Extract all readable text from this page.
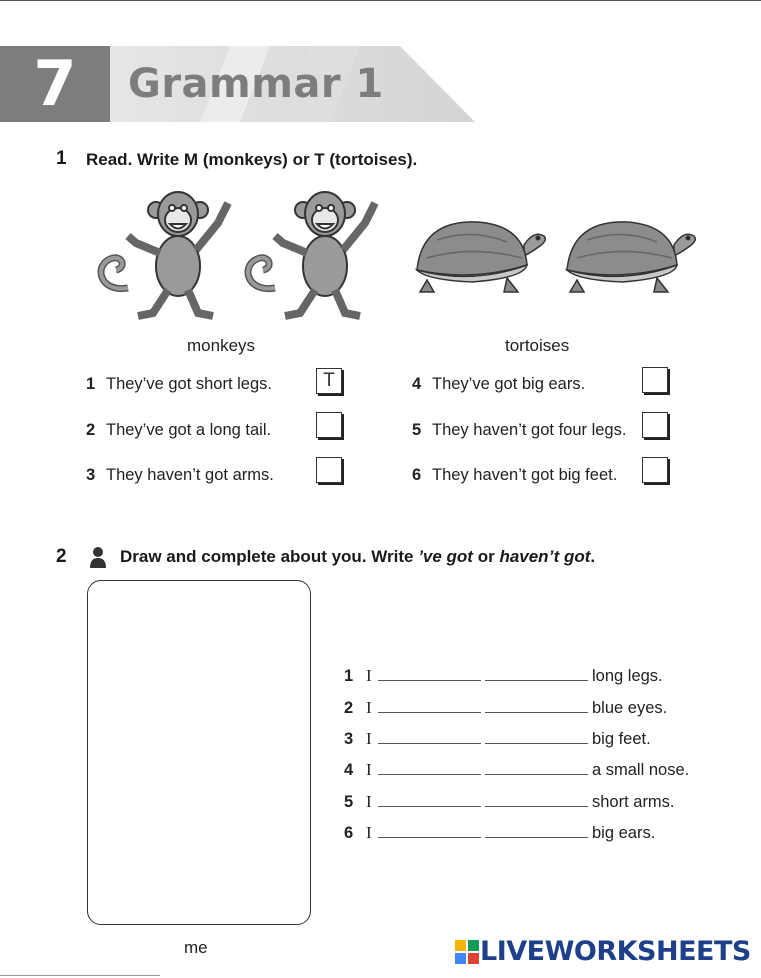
7	Grammar 1
1 Read. Write M (monkeys) or T (tortoises).
monkeys	tortoises
1 They’ve got short legs.	T
2 They’ve got a long tail.
3 They haven’t got arms.
4 They’ve got big ears.
5 They haven’t got four legs.
6 They haven’t got big feet.
2	Draw and complete about you. Write ’ve got or haven’t got.
me
1 I	long legs.
2 I	blue eyes.
3 I	big feet.
4 I	a small nose.
5 I	short arms.
6 I	big ears.
LIVEWORKSHEETS
